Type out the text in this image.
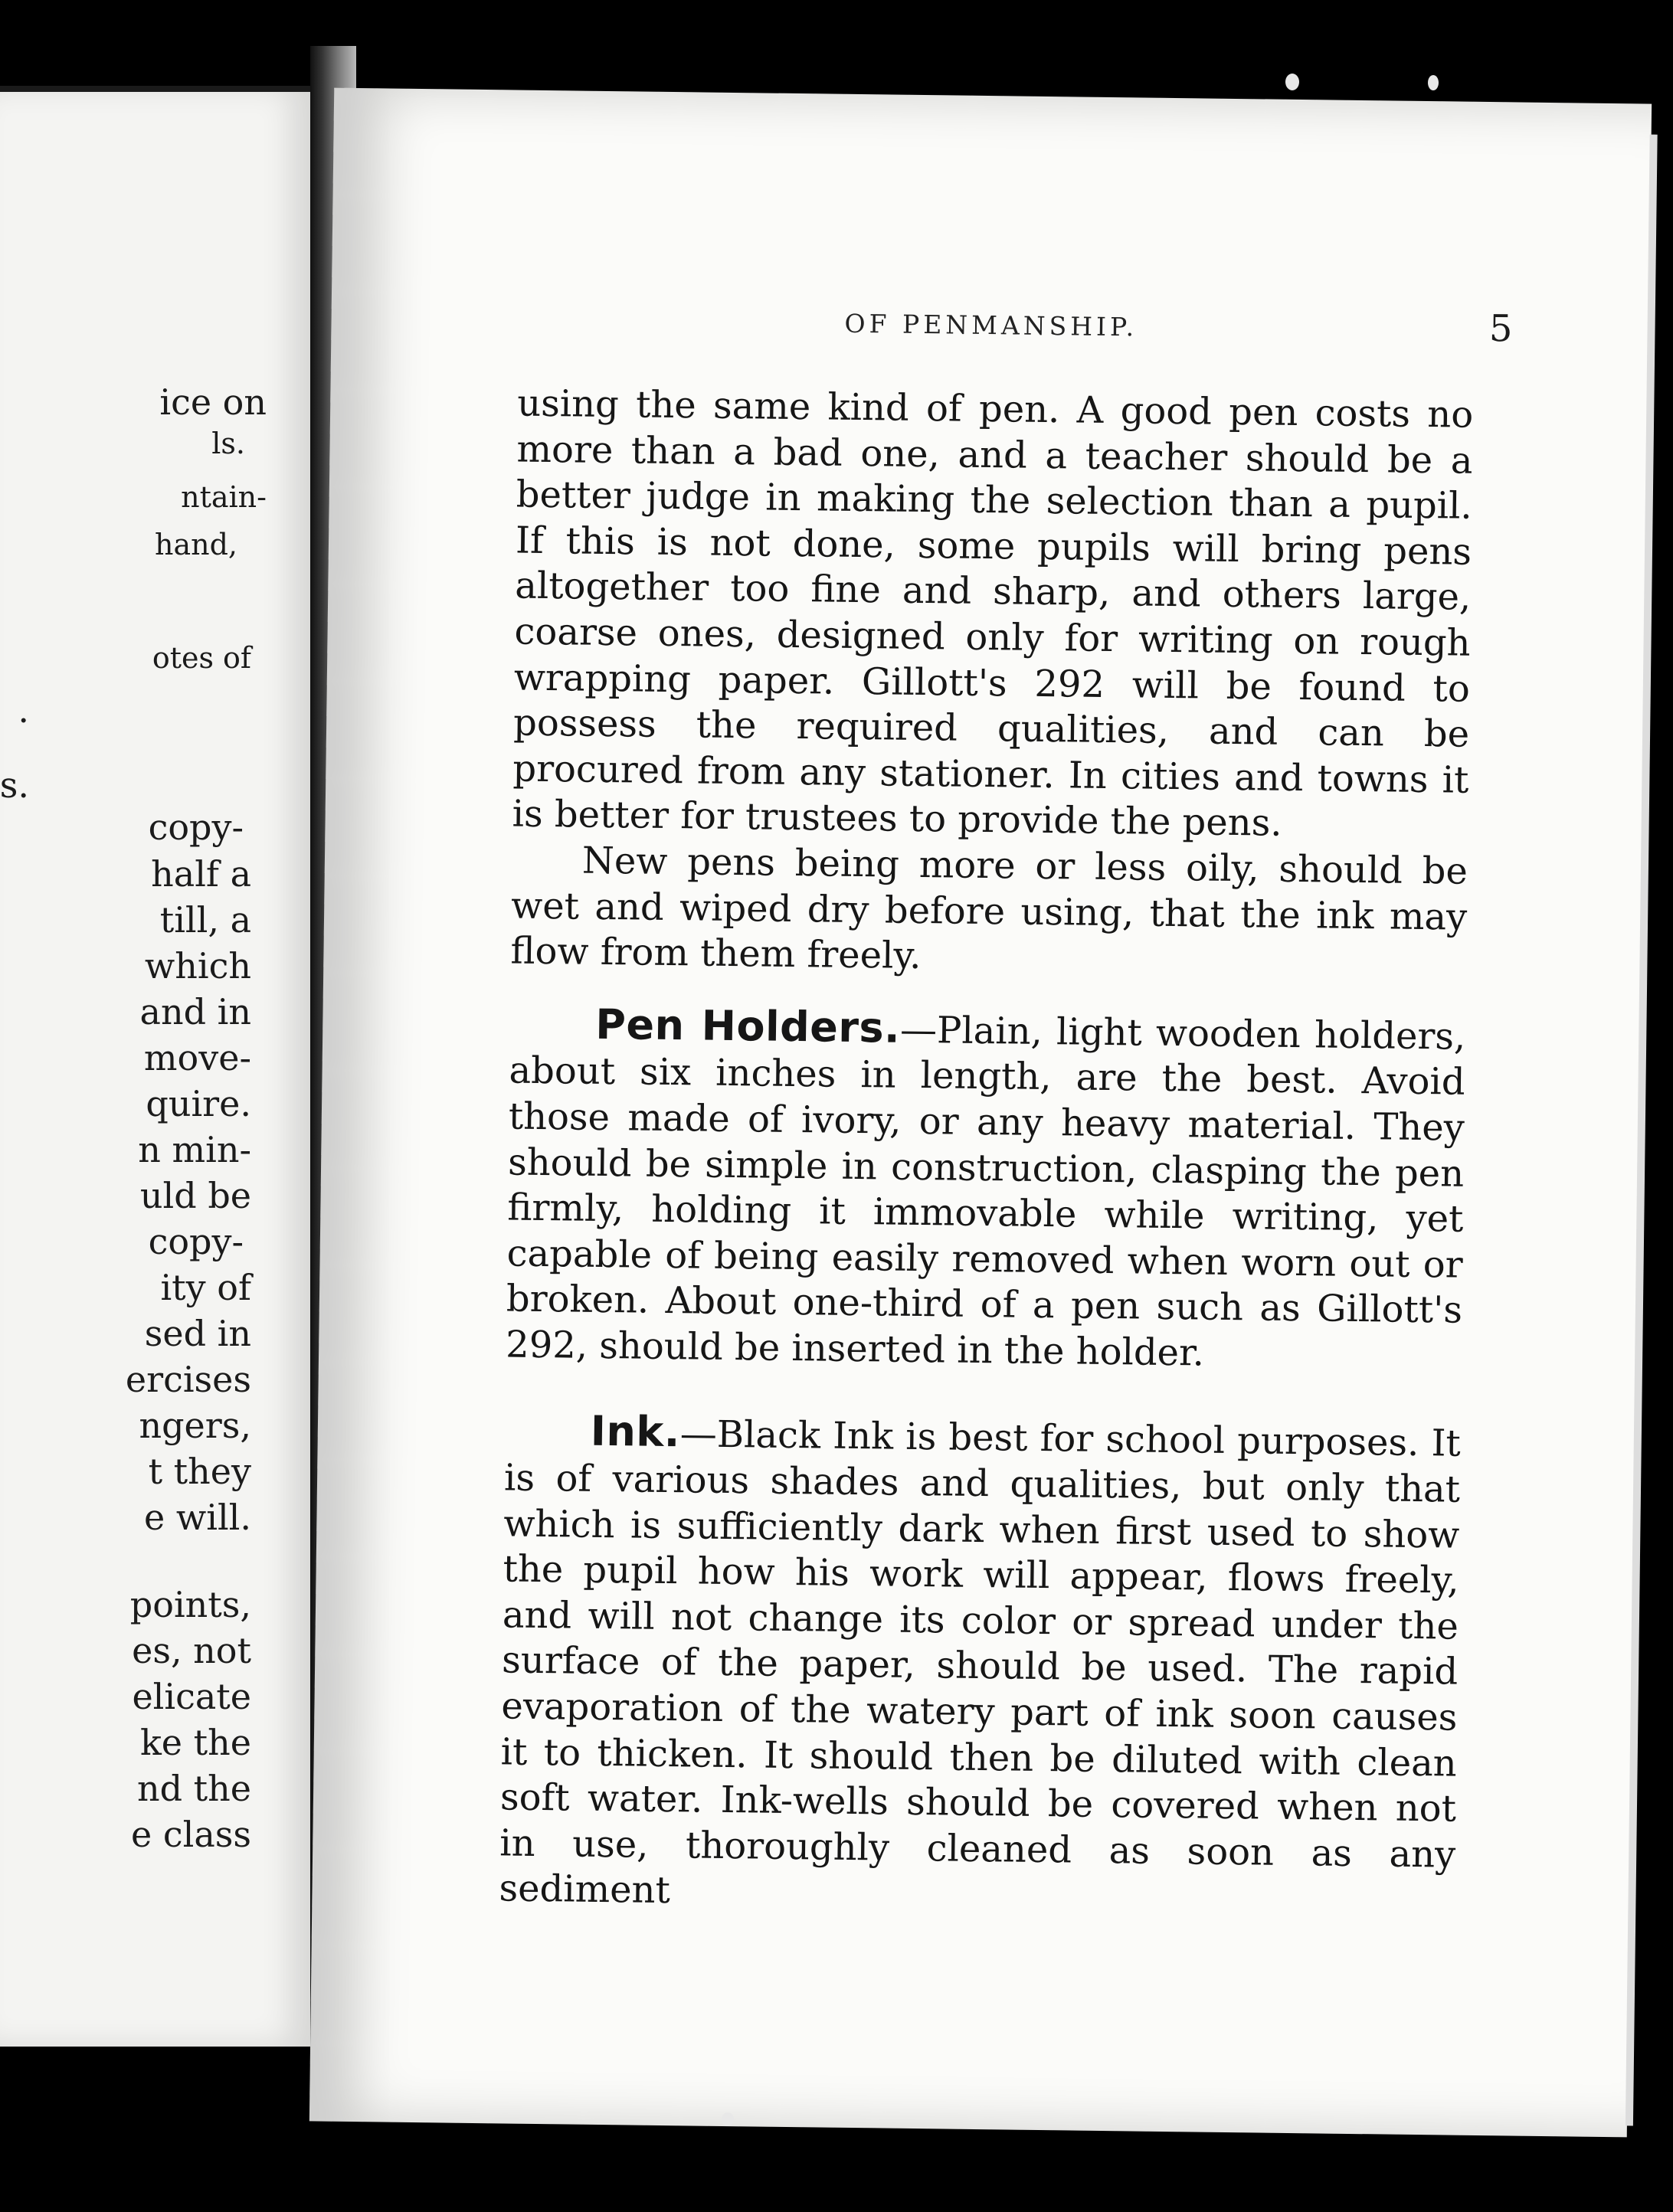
ice on
ls.
ntain-
hand,
otes of
.
s.
copy-
half a
till, a
which
and in
move-
quire.
n min-
uld be
copy-
ity of
sed in
ercises
ngers,
t they
e will.
points,
es, not
elicate
ke the
nd the
e class
OF PENMANSHIP.	5

using the same kind of pen. A good pen costs no more than a bad one, and a teacher should be a better judge in making the selection than a pupil. If this is not done, some pupils will bring pens altogether too fine and sharp, and others large, coarse ones, designed only for writing on rough wrapping paper. Gillott's 292 will be found to possess the required qualities, and can be procured from any stationer. In cities and towns it is better for trustees to provide the pens.

New pens being more or less oily, should be wet and wiped dry before using, that the ink may flow from them freely.

Pen Holders.—Plain, light wooden holders, about six inches in length, are the best. Avoid those made of ivory, or any heavy material. They should be simple in construction, clasping the pen firmly, holding it immovable while writing, yet capable of being easily removed when worn out or broken. About one-third of a pen such as Gillott's 292, should be inserted in the holder.

Ink.—Black Ink is best for school purposes. It is of various shades and qualities, but only that which is sufficiently dark when first used to show the pupil how his work will appear, flows freely, and will not change its color or spread under the surface of the paper, should be used. The rapid evaporation of the watery part of ink soon causes it to thicken. It should then be diluted with clean soft water. Ink-wells should be covered when not in use, thoroughly cleaned as soon as any sediment
